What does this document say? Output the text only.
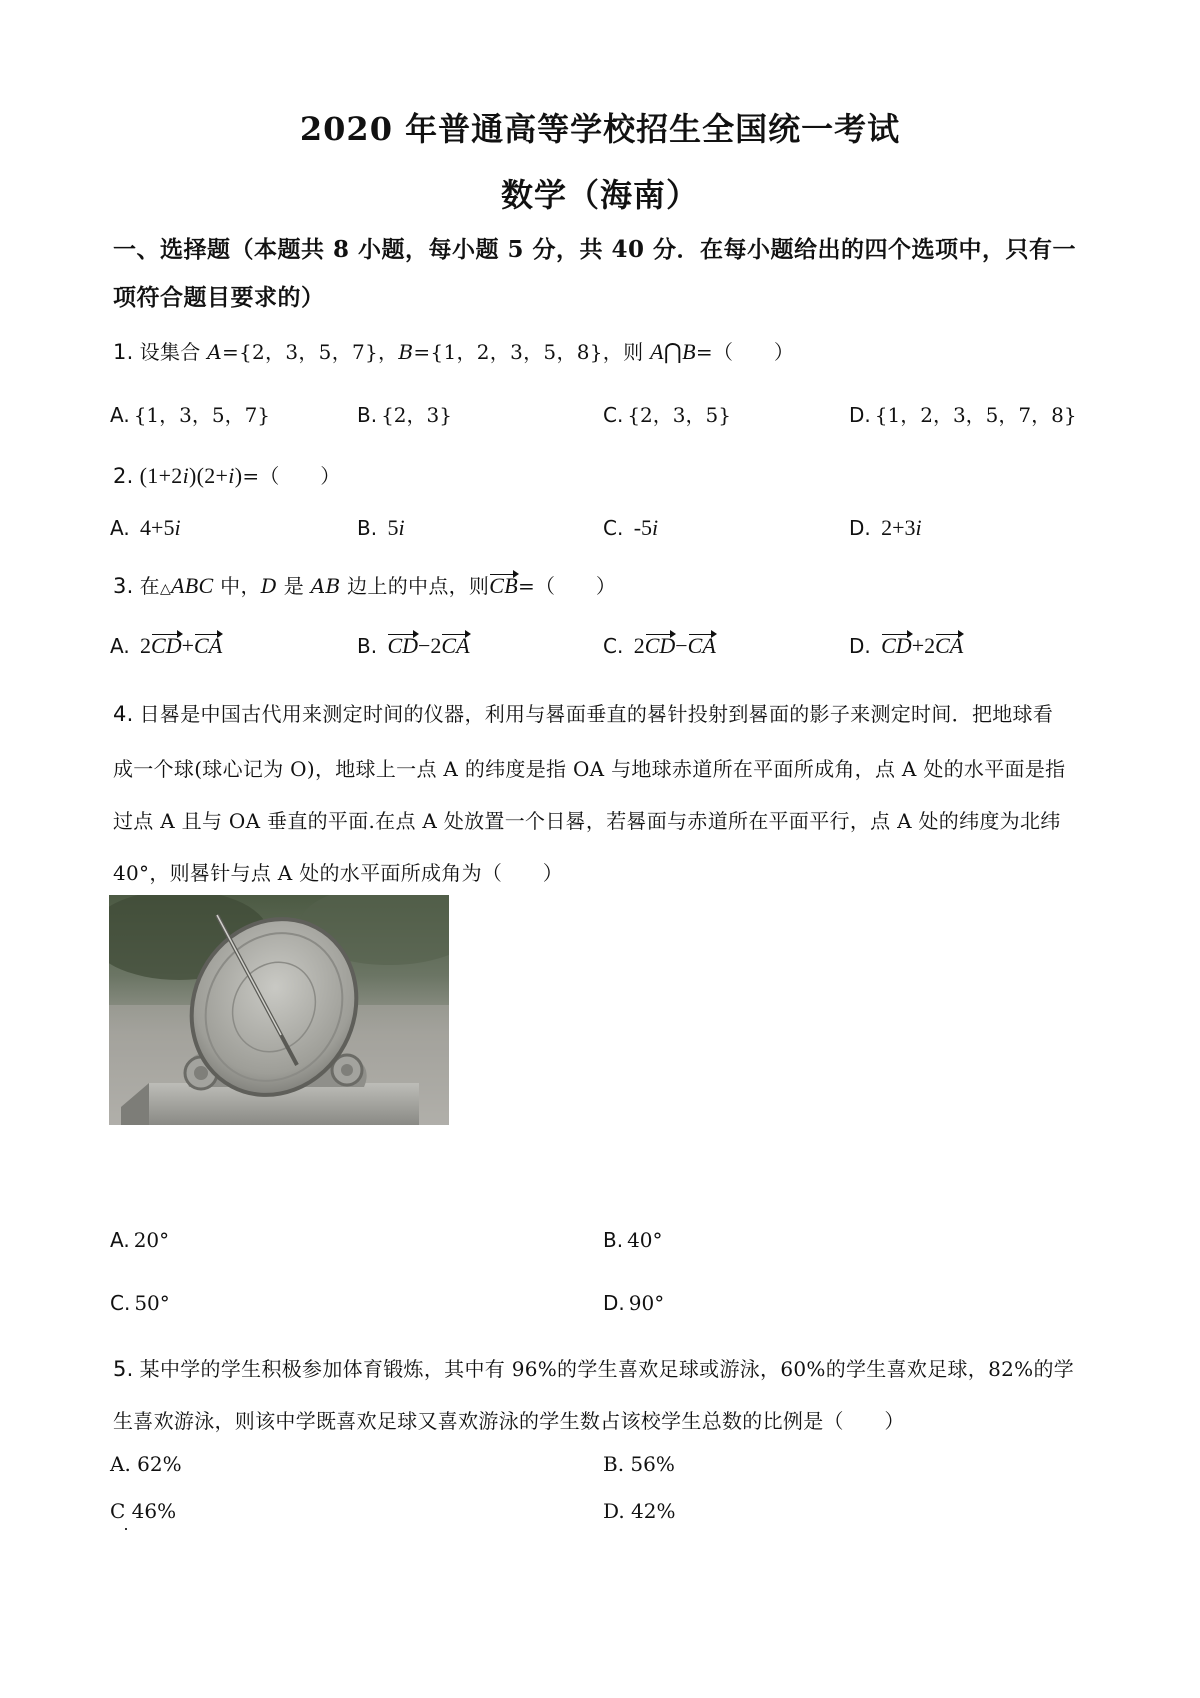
2020 年普通高等学校招生全国统一考试
数学（海南）
一、选择题（本题共 8 小题，每小题 5 分，共 40 分．在每小题给出的四个选项中，只有一
项符合题目要求的）
1. 设集合 A={2，3，5，7}，B={1，2，3，5，8}，则 A⋂B=（　　）
A. {1，3，5，7}	B. {2，3}	C. {2，3，5}	D. {1，2，3，5，7，8}
2. (1+2i)(2+i)=（　　）
A. 4+5i	B. 5i	C. -5i	D. 2+3i
3. 在△ABC 中，D 是 AB 边上的中点，则CB=（　　）
A. 2CD+CA	B. CD−2CA	C. 2CD−CA	D. CD+2CA
4. 日晷是中国古代用来测定时间的仪器，利用与晷面垂直的晷针投射到晷面的影子来测定时间．把地球看
成一个球(球心记为 O)，地球上一点 A 的纬度是指 OA 与地球赤道所在平面所成角，点 A 处的水平面是指
过点 A 且与 OA 垂直的平面.在点 A 处放置一个日晷，若晷面与赤道所在平面平行，点 A 处的纬度为北纬
40°，则晷针与点 A 处的水平面所成角为（　　）
A. 20°	B. 40°
C. 50°	D. 90°
5. 某中学的学生积极参加体育锻炼，其中有 96%的学生喜欢足球或游泳，60%的学生喜欢足球，82%的学
生喜欢游泳，则该中学既喜欢足球又喜欢游泳的学生数占该校学生总数的比例是（　　）
A. 62%	B. 56%
C 46%	D. 42%
